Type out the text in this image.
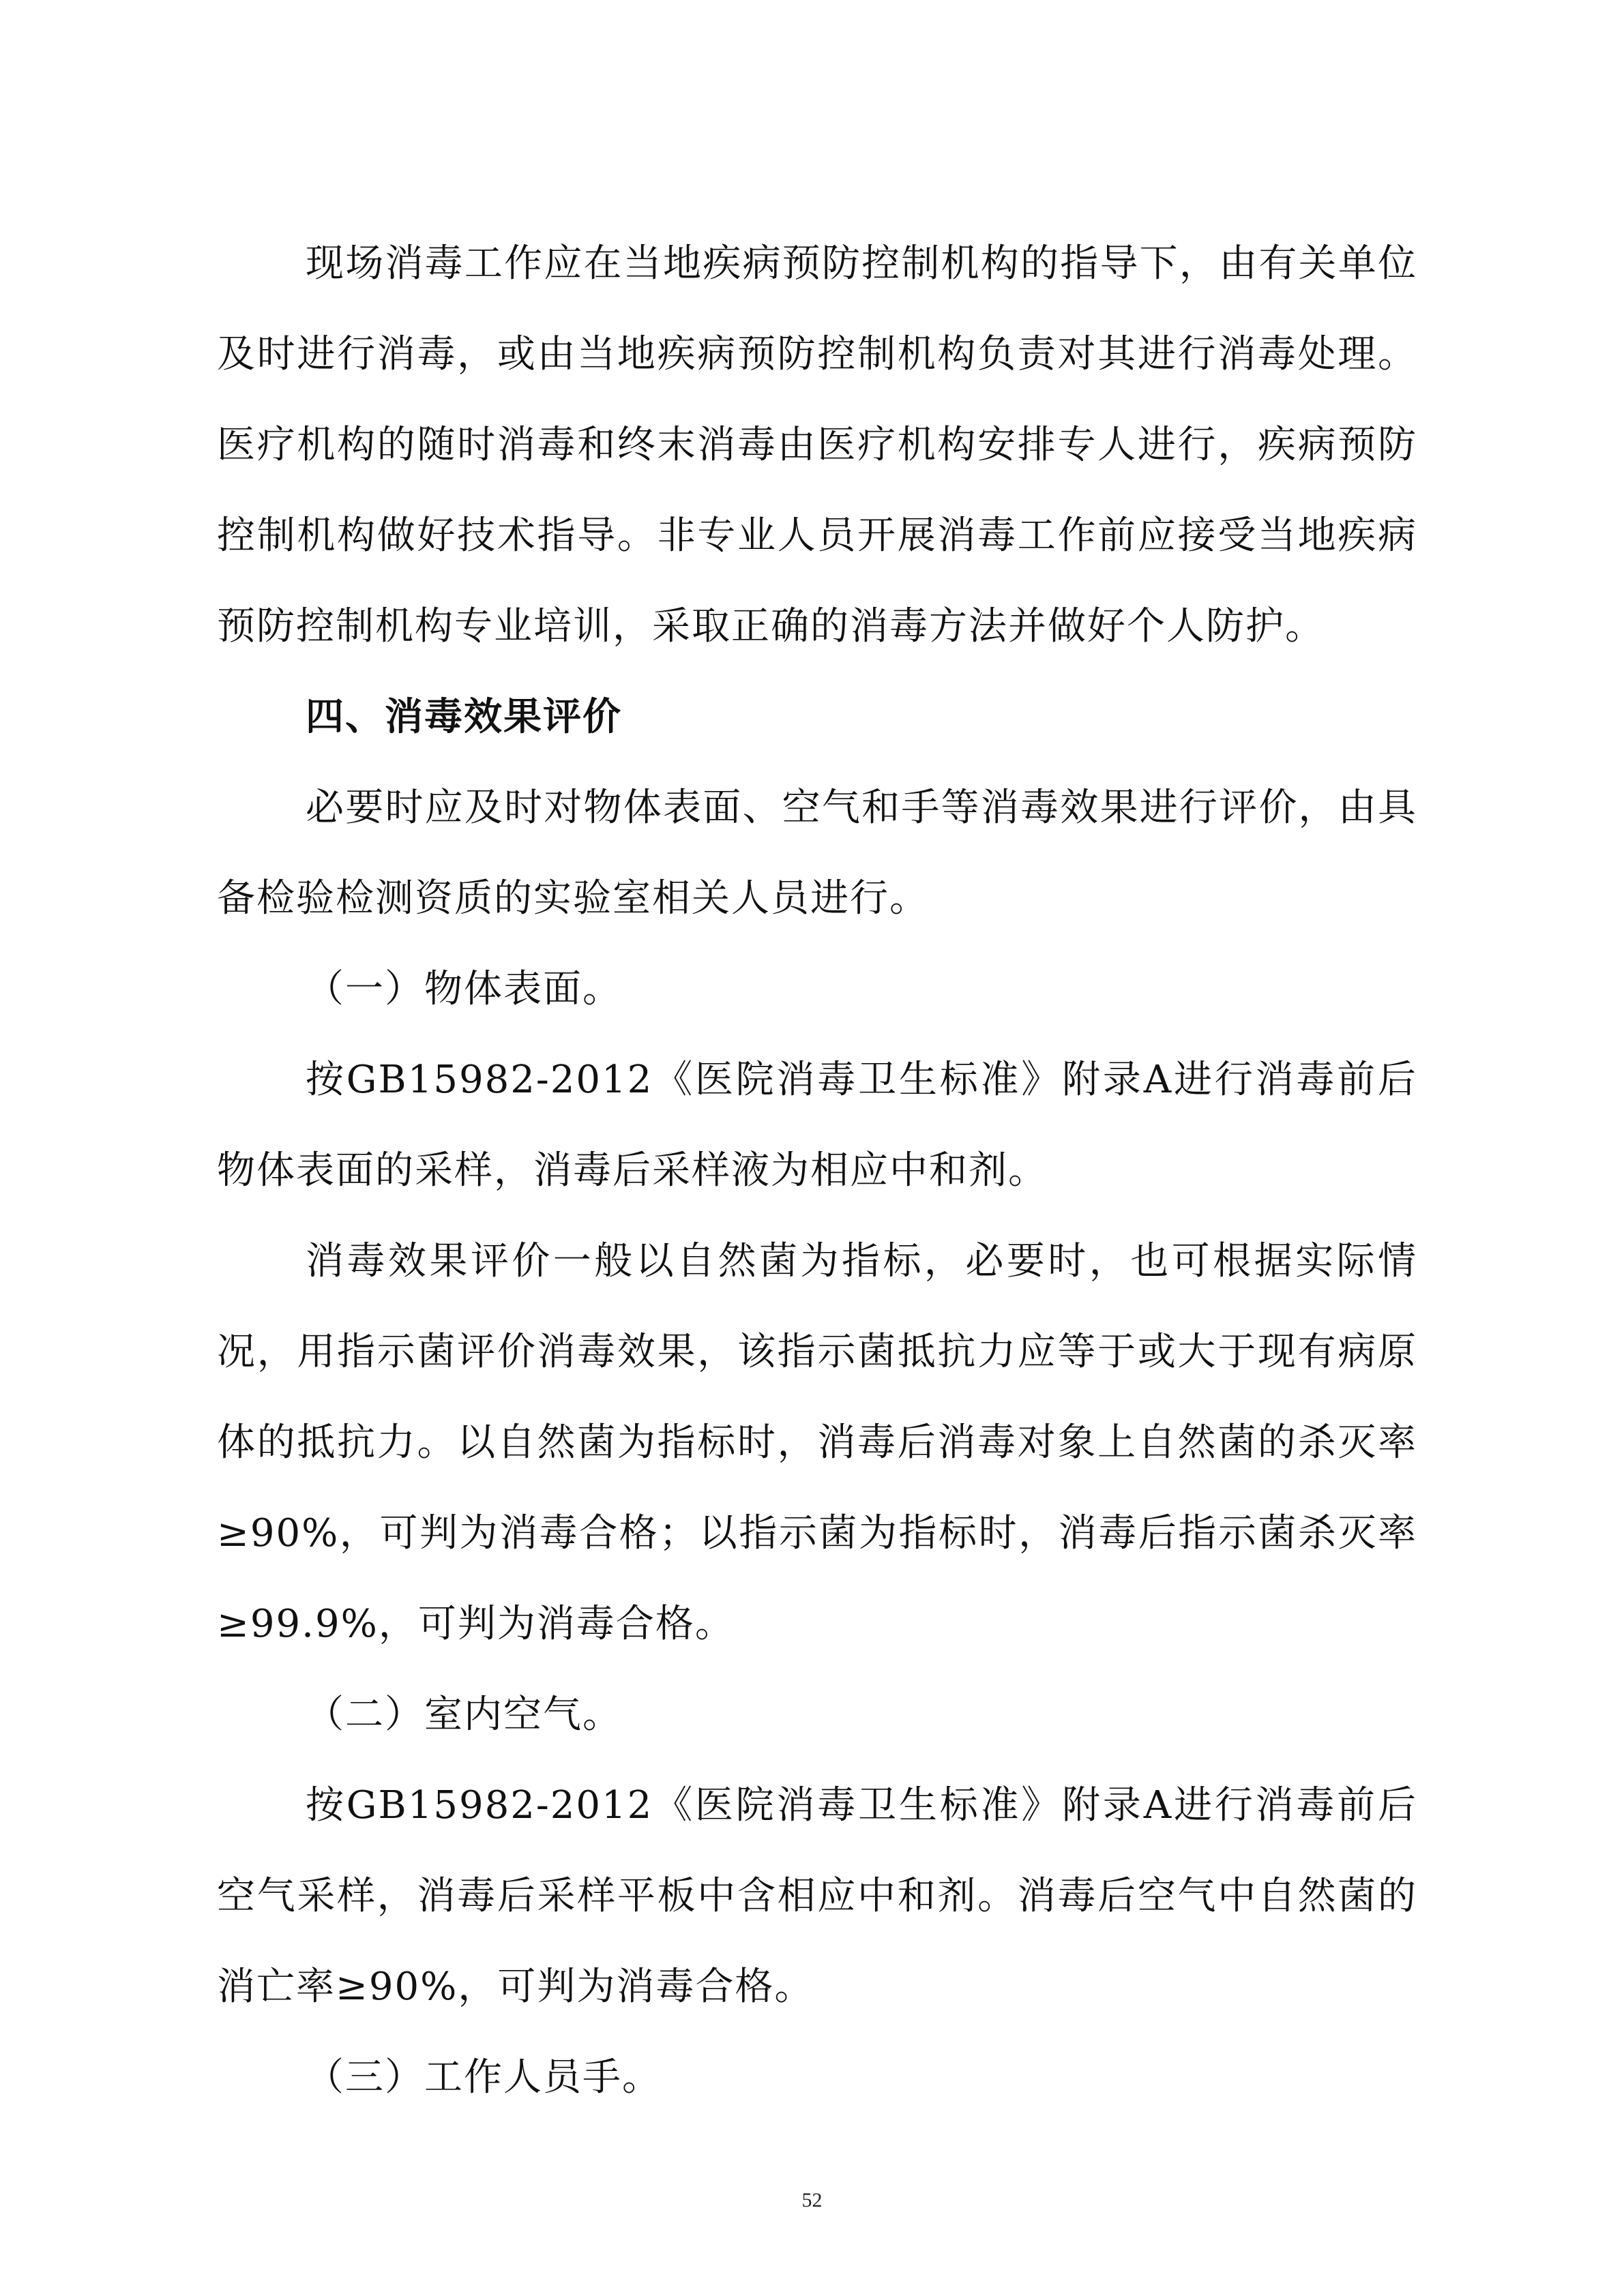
现场消毒工作应在当地疾病预防控制机构的指导下，由有关单位及时进行消毒，或由当地疾病预防控制机构负责对其进行消毒处理。医疗机构的随时消毒和终末消毒由医疗机构安排专人进行，疾病预防控制机构做好技术指导。非专业人员开展消毒工作前应接受当地疾病预防控制机构专业培训，采取正确的消毒方法并做好个人防护。

四、消毒效果评价

必要时应及时对物体表面、空气和手等消毒效果进行评价，由具备检验检测资质的实验室相关人员进行。

（一）物体表面。

按GB15982-2012《医院消毒卫生标准》附录A进行消毒前后物体表面的采样，消毒后采样液为相应中和剂。

消毒效果评价一般以自然菌为指标，必要时，也可根据实际情况，用指示菌评价消毒效果，该指示菌抵抗力应等于或大于现有病原体的抵抗力。以自然菌为指标时，消毒后消毒对象上自然菌的杀灭率≥90%，可判为消毒合格；以指示菌为指标时，消毒后指示菌杀灭率≥99.9%，可判为消毒合格。

（二）室内空气。

按GB15982-2012《医院消毒卫生标准》附录A进行消毒前后空气采样，消毒后采样平板中含相应中和剂。消毒后空气中自然菌的消亡率≥90%，可判为消毒合格。

（三）工作人员手。

52
